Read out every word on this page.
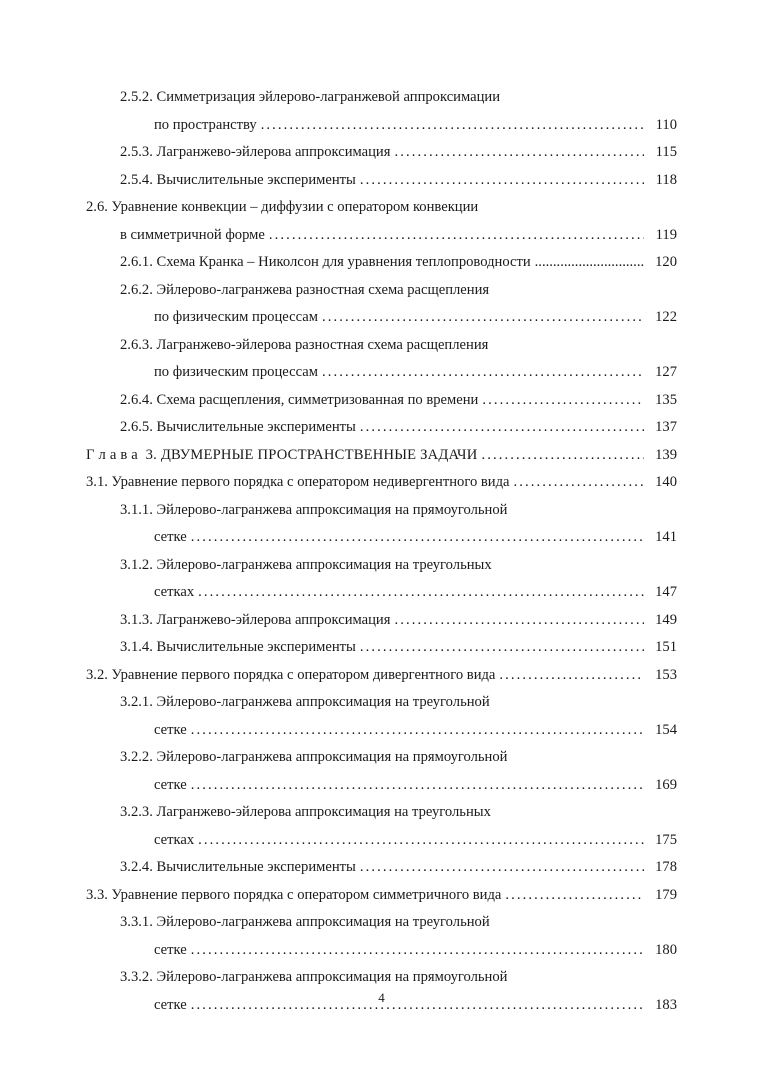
2.5.2. Симметризация эйлерово-лагранжевой аппроксимации
по пространству .....	110
2.5.3. Лагранжево-эйлерова аппроксимация .....	115
2.5.4. Вычислительные эксперименты .....	118
2.6. Уравнение конвекции – диффузии с оператором конвекции
в симметричной форме .....	119
2.6.1. Схема Кранка – Николсон для уравнения теплопроводности .....	120
2.6.2. Эйлерово-лагранжева разностная схема расщепления
по физическим процессам .....	122
2.6.3. Лагранжево-эйлерова разностная схема расщепления
по физическим процессам .....	127
2.6.4. Схема расщепления, симметризованная по времени .....	135
2.6.5. Вычислительные эксперименты .....	137
Г л а в а  3. ДВУМЕРНЫЕ ПРОСТРАНСТВЕННЫЕ ЗАДАЧИ .....	139
3.1. Уравнение первого порядка с оператором недивергентного вида .....	140
3.1.1. Эйлерово-лагранжева аппроксимация на прямоугольной
сетке .....	141
3.1.2. Эйлерово-лагранжева аппроксимация на треугольных
сетках .....	147
3.1.3. Лагранжево-эйлерова аппроксимация .....	149
3.1.4. Вычислительные эксперименты .....	151
3.2. Уравнение первого порядка с оператором дивергентного вида .....	153
3.2.1. Эйлерово-лагранжева аппроксимация на треугольной
сетке .....	154
3.2.2. Эйлерово-лагранжева аппроксимация на прямоугольной
сетке .....	169
3.2.3. Лагранжево-эйлерова аппроксимация на треугольных
сетках .....	175
3.2.4. Вычислительные эксперименты .....	178
3.3. Уравнение первого порядка с оператором симметричного вида .....	179
3.3.1. Эйлерово-лагранжева аппроксимация на треугольной
сетке .....	180
3.3.2. Эйлерово-лагранжева аппроксимация на прямоугольной
сетке .....	183
4
